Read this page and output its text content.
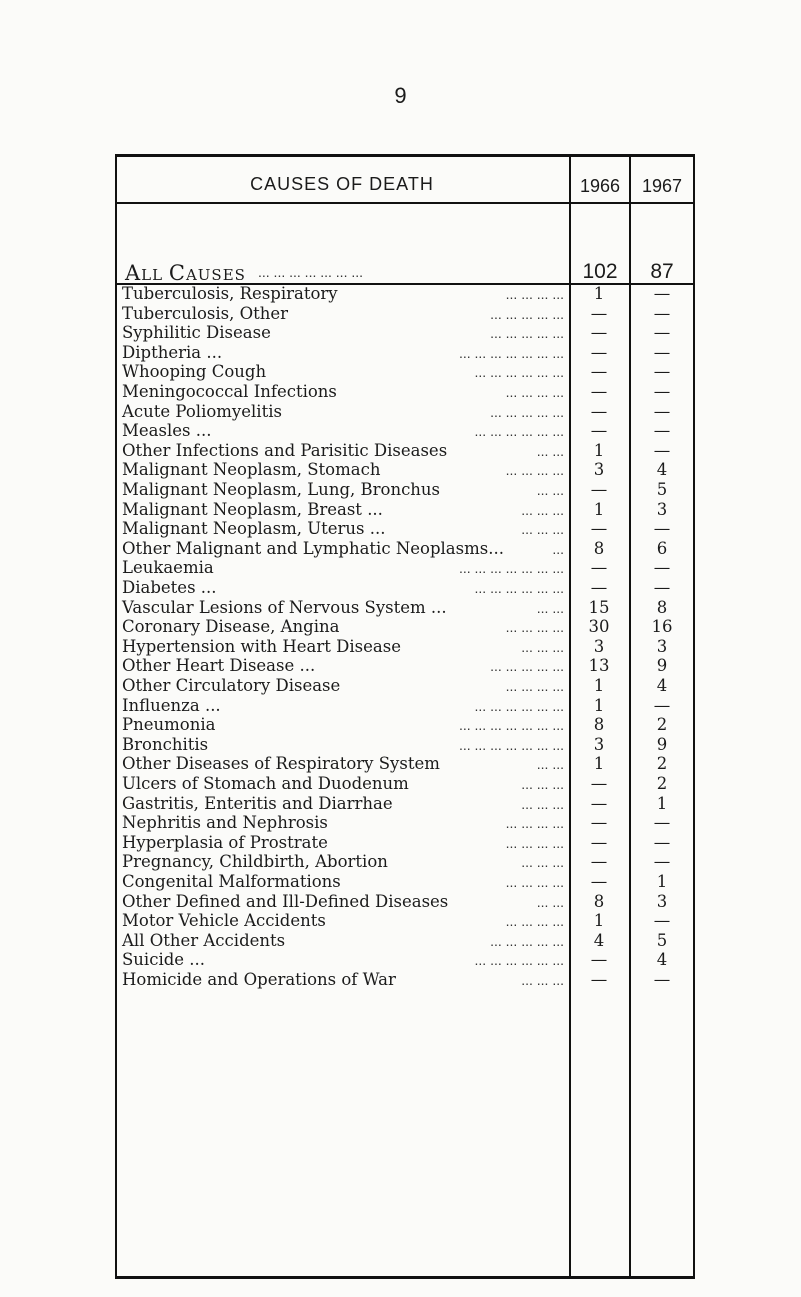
9
CAUSES OF DEATH	1966	1967
ALL CAUSES ... ... ... ... ... ... ...	102	87
Tuberculosis, Respiratory	... ... ... ...	1	—
Tuberculosis, Other	... ... ... ... ...	—	—
Syphilitic Disease	... ... ... ... ...	—	—
Diptheria ...	... ... ... ... ... ... ...	—	—
Whooping Cough	... ... ... ... ... ...	—	—
Meningococcal Infections	... ... ... ...	—	—
Acute Poliomyelitis	... ... ... ... ...	—	—
Measles ...	... ... ... ... ... ...	—	—
Other Infections and Parisitic Diseases	... ...	1	—
Malignant Neoplasm, Stomach	... ... ... ...	3	4
Malignant Neoplasm, Lung, Bronchus	... ...	—	5
Malignant Neoplasm, Breast ...	... ... ...	1	3
Malignant Neoplasm, Uterus ...	... ... ...	—	—
Other Malignant and Lymphatic Neoplasms...	...	8	6
Leukaemia	... ... ... ... ... ... ...	—	—
Diabetes ...	... ... ... ... ... ...	—	—
Vascular Lesions of Nervous System ...	... ...	15	8
Coronary Disease, Angina	... ... ... ...	30	16
Hypertension with Heart Disease	... ... ...	3	3
Other Heart Disease ...	... ... ... ... ...	13	9
Other Circulatory Disease	... ... ... ...	1	4
Influenza ...	... ... ... ... ... ...	1	—
Pneumonia	... ... ... ... ... ... ...	8	2
Bronchitis	... ... ... ... ... ... ...	3	9
Other Diseases of Respiratory System	... ...	1	2
Ulcers of Stomach and Duodenum	... ... ...	—	2
Gastritis, Enteritis and Diarrhae	... ... ...	—	1
Nephritis and Nephrosis	... ... ... ...	—	—
Hyperplasia of Prostrate	... ... ... ...	—	—
Pregnancy, Childbirth, Abortion	... ... ...	—	—
Congenital Malformations	... ... ... ...	—	1
Other Defined and Ill-Defined Diseases	... ...	8	3
Motor Vehicle Accidents	... ... ... ...	1	—
All Other Accidents	... ... ... ... ...	4	5
Suicide ...	... ... ... ... ... ...	—	4
Homicide and Operations of War	... ... ...	—	—
